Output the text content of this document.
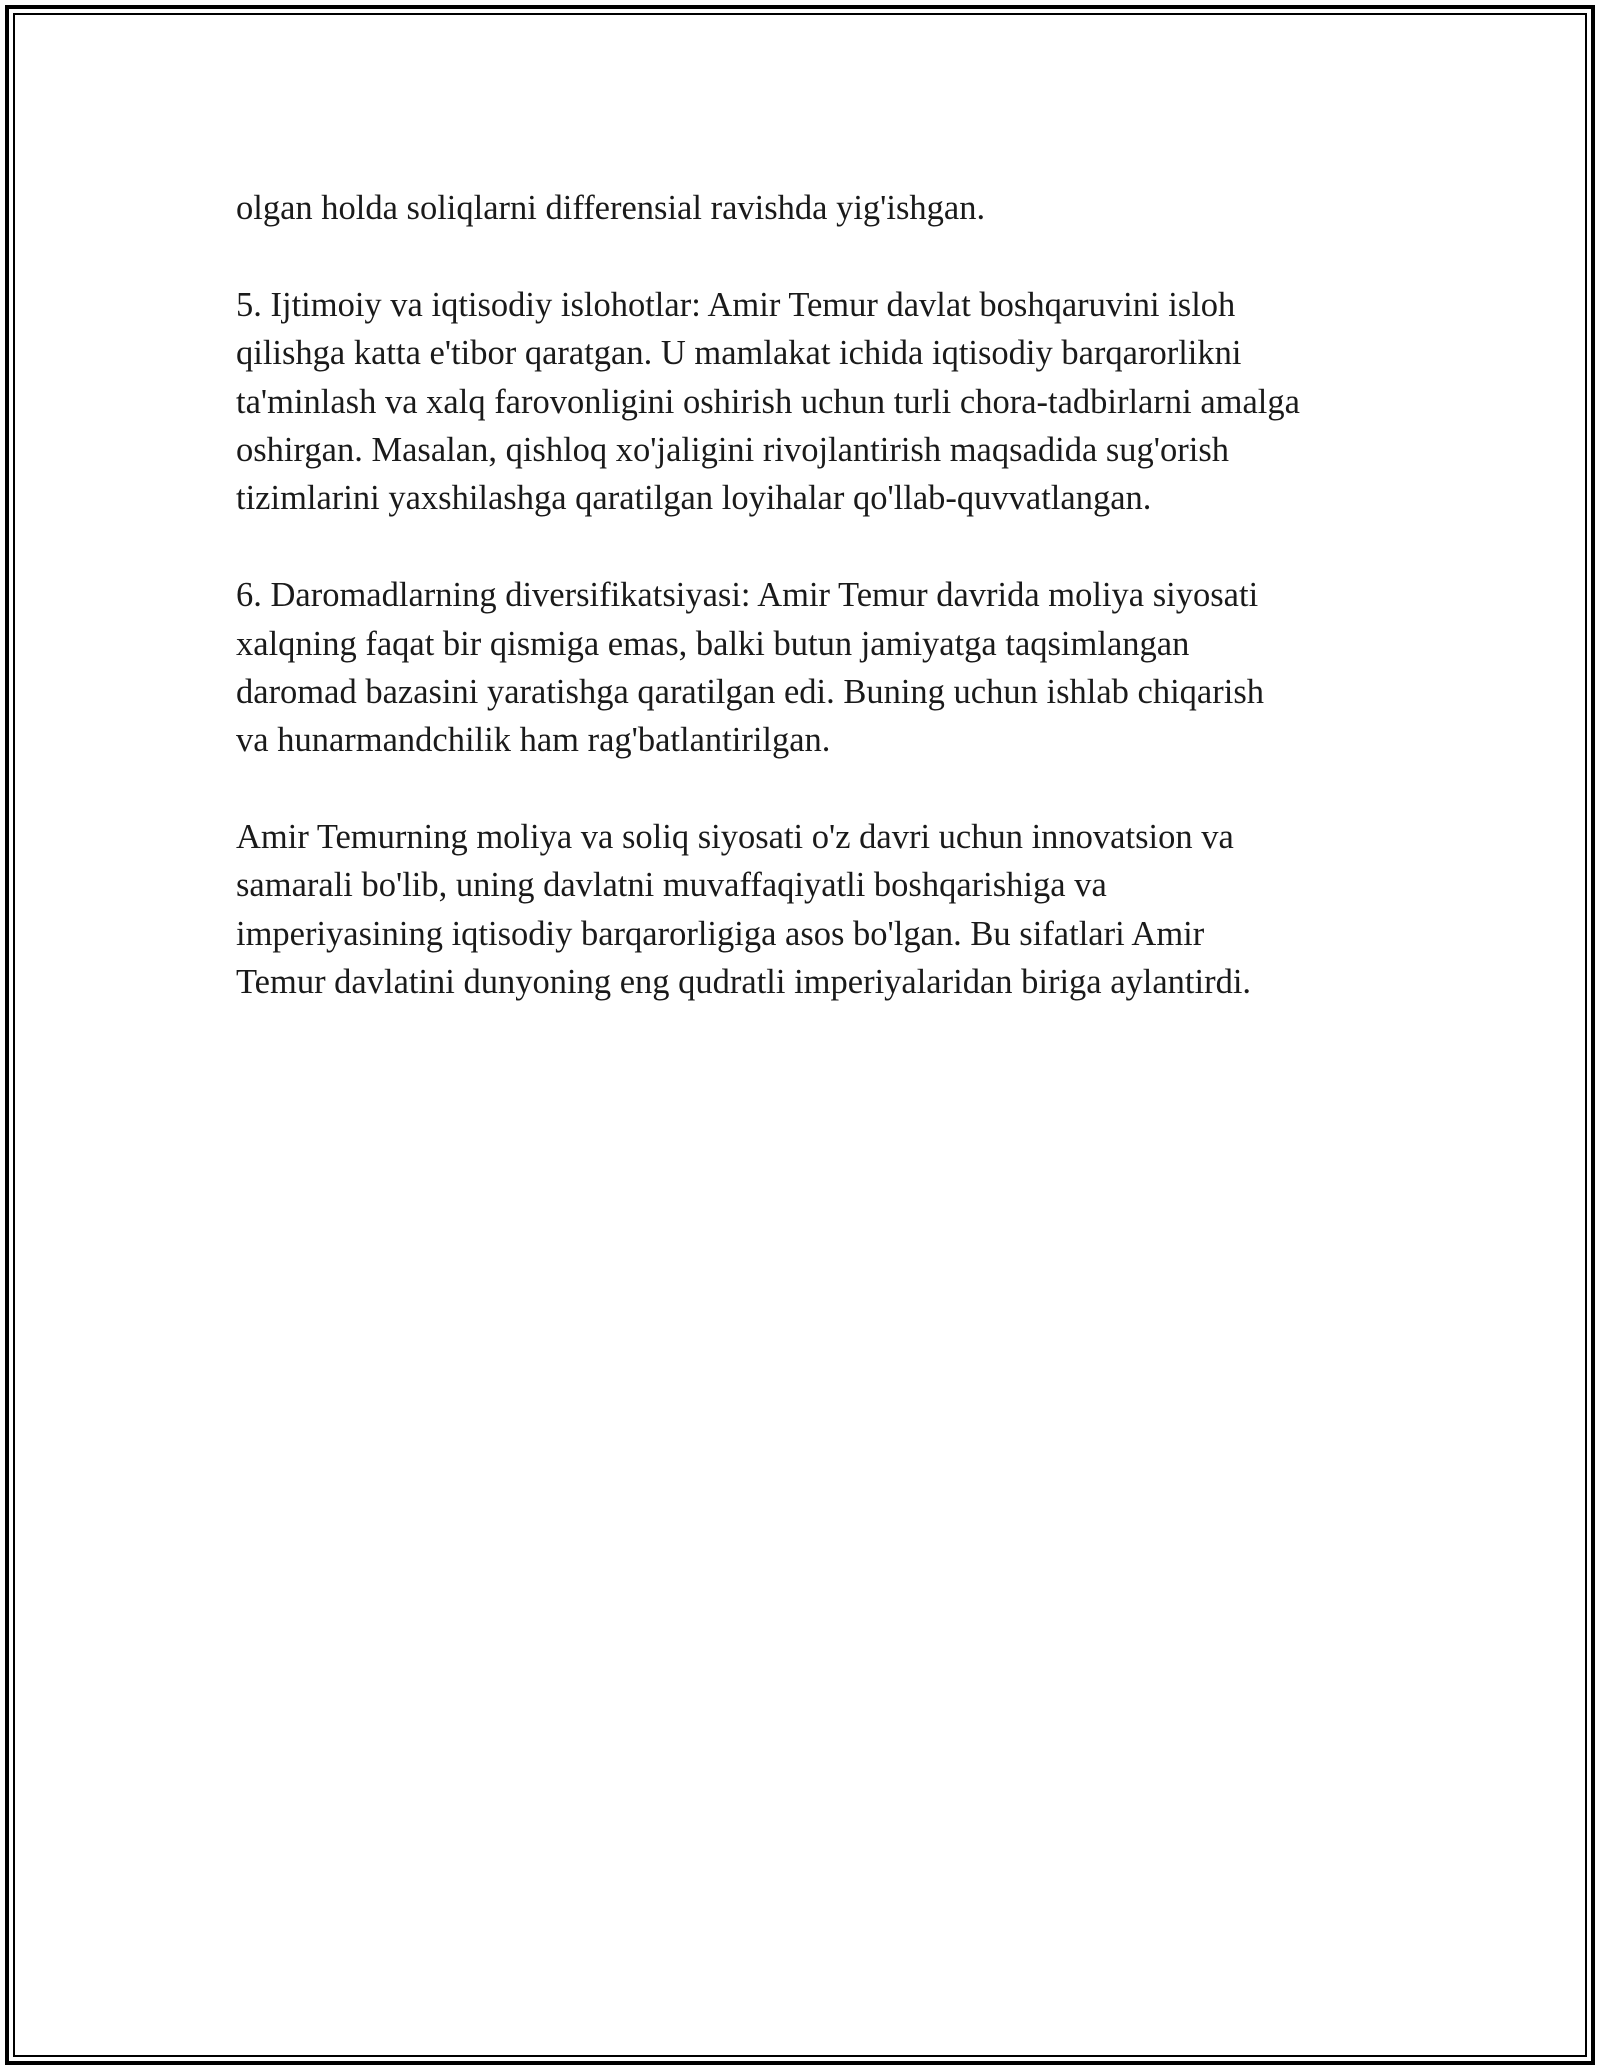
olgan holda soliqlarni differensial ravishda yig'ishgan.
5. Ijtimoiy va iqtisodiy islohotlar: Amir Temur davlat boshqaruvini isloh
qilishga katta e'tibor qaratgan. U mamlakat ichida iqtisodiy barqarorlikni
ta'minlash va xalq farovonligini oshirish uchun turli chora-tadbirlarni amalga
oshirgan. Masalan, qishloq xo'jaligini rivojlantirish maqsadida sug'orish
tizimlarini yaxshilashga qaratilgan loyihalar qo'llab-quvvatlangan.
6. Daromadlarning diversifikatsiyasi: Amir Temur davrida moliya siyosati
xalqning faqat bir qismiga emas, balki butun jamiyatga taqsimlangan
daromad bazasini yaratishga qaratilgan edi. Buning uchun ishlab chiqarish
va hunarmandchilik ham rag'batlantirilgan.
Amir Temurning moliya va soliq siyosati o'z davri uchun innovatsion va
samarali bo'lib, uning davlatni muvaffaqiyatli boshqarishiga va
imperiyasining iqtisodiy barqarorligiga asos bo'lgan. Bu sifatlari Amir
Temur davlatini dunyoning eng qudratli imperiyalaridan biriga aylantirdi.
